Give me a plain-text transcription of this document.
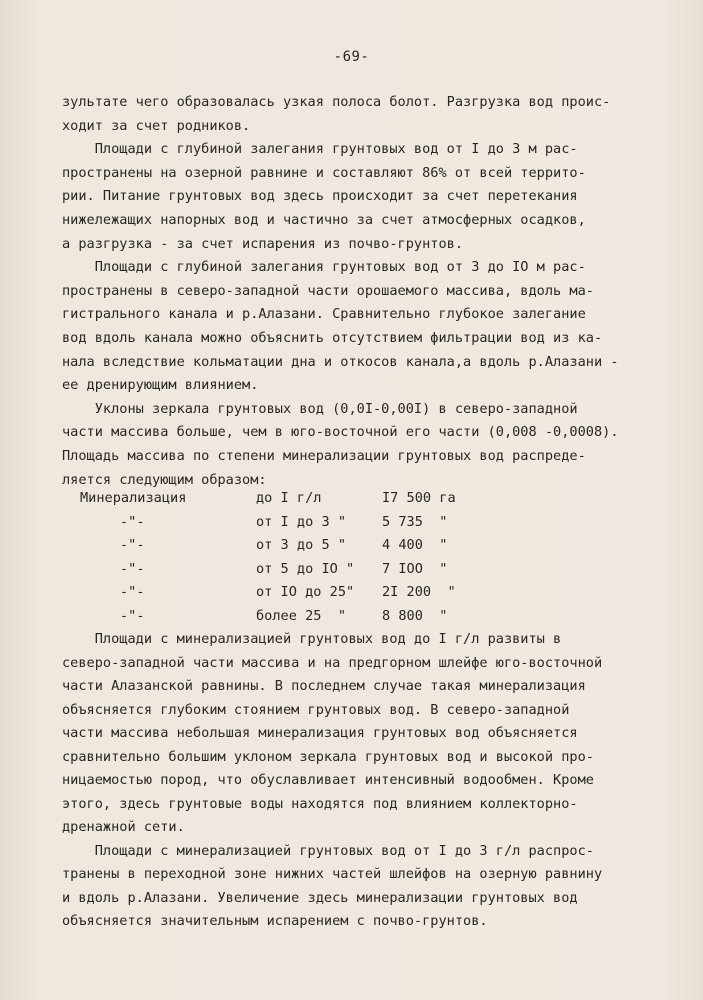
-69-
зультате чего образовалась узкая полоса болот. Разгрузка вод проис-
ходит за счет родников.
Площади с глубиной залегания грунтовых вод от I до 3 м рас-
пространены на озерной равнине и составляют 86% от всей террито-
рии. Питание грунтовых вод здесь происходит за счет перетекания
нижележащих напорных вод и частично за счет атмосферных осадков,
а разгрузка - за счет испарения из почво-грунтов.
Площади с глубиной залегания грунтовых вод от 3 до IO м рас-
пространены в северо-западной части орошаемого массива, вдоль ма-
гистрального канала и р.Алазани. Сравнительно глубокое залегание
вод вдоль канала можно объяснить отсутствием фильтрации вод из ка-
нала вследствие кольматации дна и откосов канала,а вдоль р.Алазани -
ее дренирующим влиянием.
Уклоны зеркала грунтовых вод (0,0I-0,00I) в северо-западной
части массива больше, чем в юго-восточной его части (0,008 -0,0008).
Площадь массива по степени минерализации грунтовых вод распреде-
ляется следующим образом:
Минерализация	до I г/л	I7 500 га
-"-	от I до 3 "	5 735  "
-"-	от 3 до 5 "	4 400  "
-"-	от 5 до IO " 7 IOO  "
-"-	от IO до 25" 2I 200  "
-"-	более 25  "	8 800  "
Площади с минерализацией грунтовых вод до I г/л развиты в
северо-западной части массива и на предгорном шлейфе юго-восточной
части Алазанской равнины. В последнем случае такая минерализация
объясняется глубоким стоянием грунтовых вод. В северо-западной
части массива небольшая минерализация грунтовых вод объясняется
сравнительно большим уклоном зеркала грунтовых вод и высокой про-
ницаемостью пород, что обуславливает интенсивный водообмен. Кроме
этого, здесь грунтовые воды находятся под влиянием коллекторно-
дренажной сети.
Площади с минерализацией грунтовых вод от I до 3 г/л распрос-
транены в переходной зоне нижних частей шлейфов на озерную равнину
и вдоль р.Алазани. Увеличение здесь минерализации грунтовых вод
объясняется значительным испарением с почво-грунтов.
